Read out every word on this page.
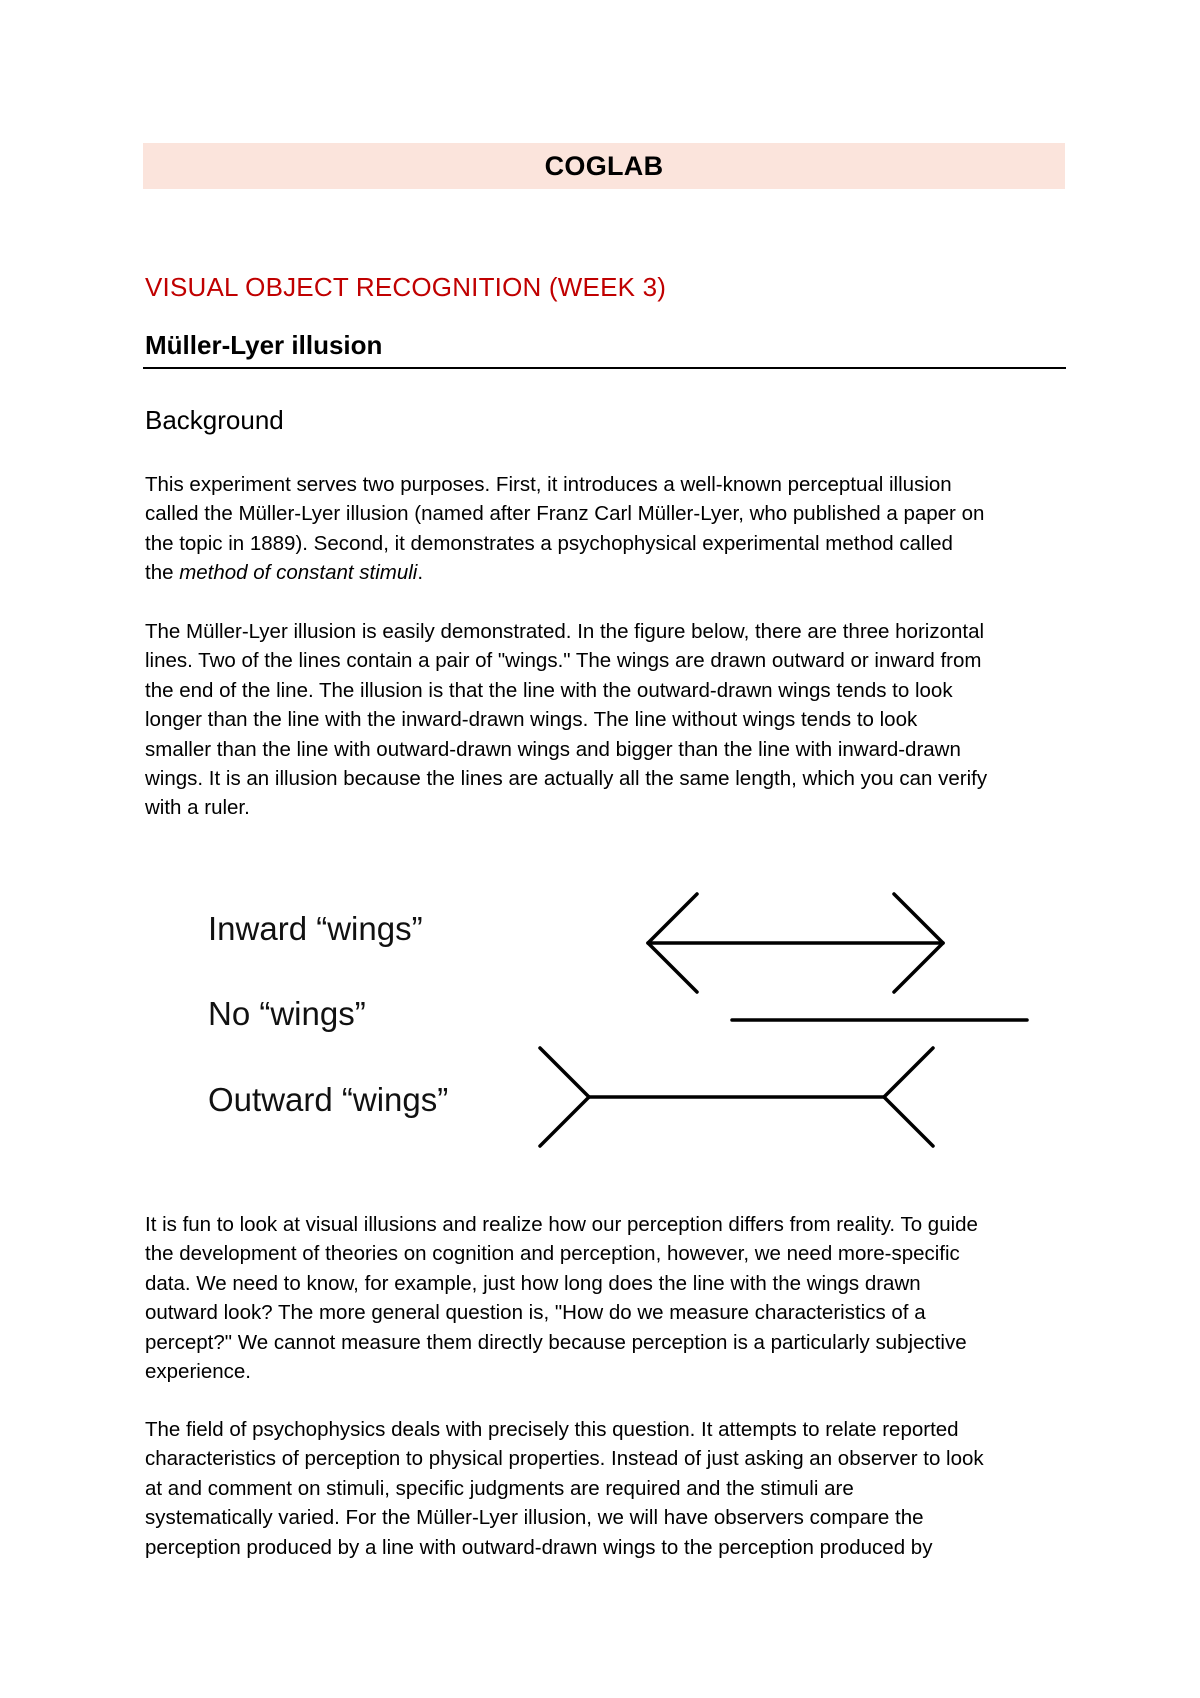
COGLAB
VISUAL OBJECT RECOGNITION (WEEK 3)
Müller-Lyer illusion
Background

This experiment serves two purposes. First, it introduces a well-known perceptual illusion
called the Müller-Lyer illusion (named after Franz Carl Müller-Lyer, who published a paper on
the topic in 1889). Second, it demonstrates a psychophysical experimental method called
the method of constant stimuli.

The Müller-Lyer illusion is easily demonstrated. In the figure below, there are three horizontal
lines. Two of the lines contain a pair of "wings." The wings are drawn outward or inward from
the end of the line. The illusion is that the line with the outward-drawn wings tends to look
longer than the line with the inward-drawn wings. The line without wings tends to look
smaller than the line with outward-drawn wings and bigger than the line with inward-drawn
wings. It is an illusion because the lines are actually all the same length, which you can verify
with a ruler.

Inward “wings”
No “wings”
Outward “wings”

It is fun to look at visual illusions and realize how our perception differs from reality. To guide
the development of theories on cognition and perception, however, we need more-specific
data. We need to know, for example, just how long does the line with the wings drawn
outward look? The more general question is, "How do we measure characteristics of a
percept?" We cannot measure them directly because perception is a particularly subjective
experience.

The field of psychophysics deals with precisely this question. It attempts to relate reported
characteristics of perception to physical properties. Instead of just asking an observer to look
at and comment on stimuli, specific judgments are required and the stimuli are
systematically varied. For the Müller-Lyer illusion, we will have observers compare the
perception produced by a line with outward-drawn wings to the perception produced by
